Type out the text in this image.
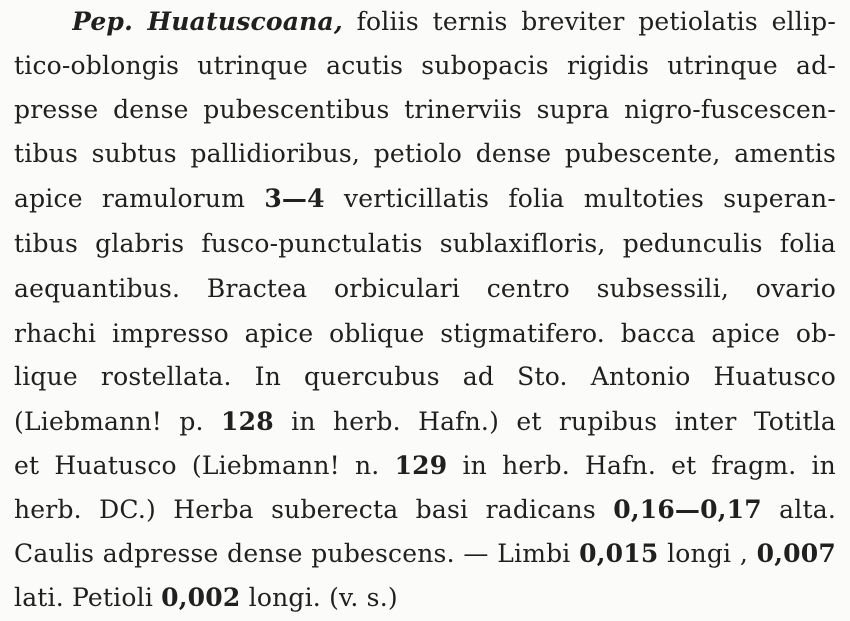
Pep. Huatuscoana, foliis ternis breviter petiolatis ellip-
tico-oblongis utrinque acutis subopacis rigidis utrinque ad-
presse dense pubescentibus trinerviis supra nigro-fuscescen-
tibus subtus pallidioribus, petiolo dense pubescente, amentis
apice ramulorum 3—4 verticillatis folia multoties superan-
tibus glabris fusco-punctulatis sublaxifloris, pedunculis folia
aequantibus. Bractea orbiculari centro subsessili, ovario
rhachi impresso apice oblique stigmatifero. bacca apice ob-
lique rostellata. In quercubus ad Sto. Antonio Huatusco
(Liebmann! p. 128 in herb. Hafn.) et rupibus inter Totitla
et Huatusco (Liebmann! n. 129 in herb. Hafn. et fragm. in
herb. DC.) Herba suberecta basi radicans 0,16—0,17 alta.
Caulis adpresse dense pubescens. — Limbi 0,015 longi , 0,007
lati. Petioli 0,002 longi. (v. s.)
